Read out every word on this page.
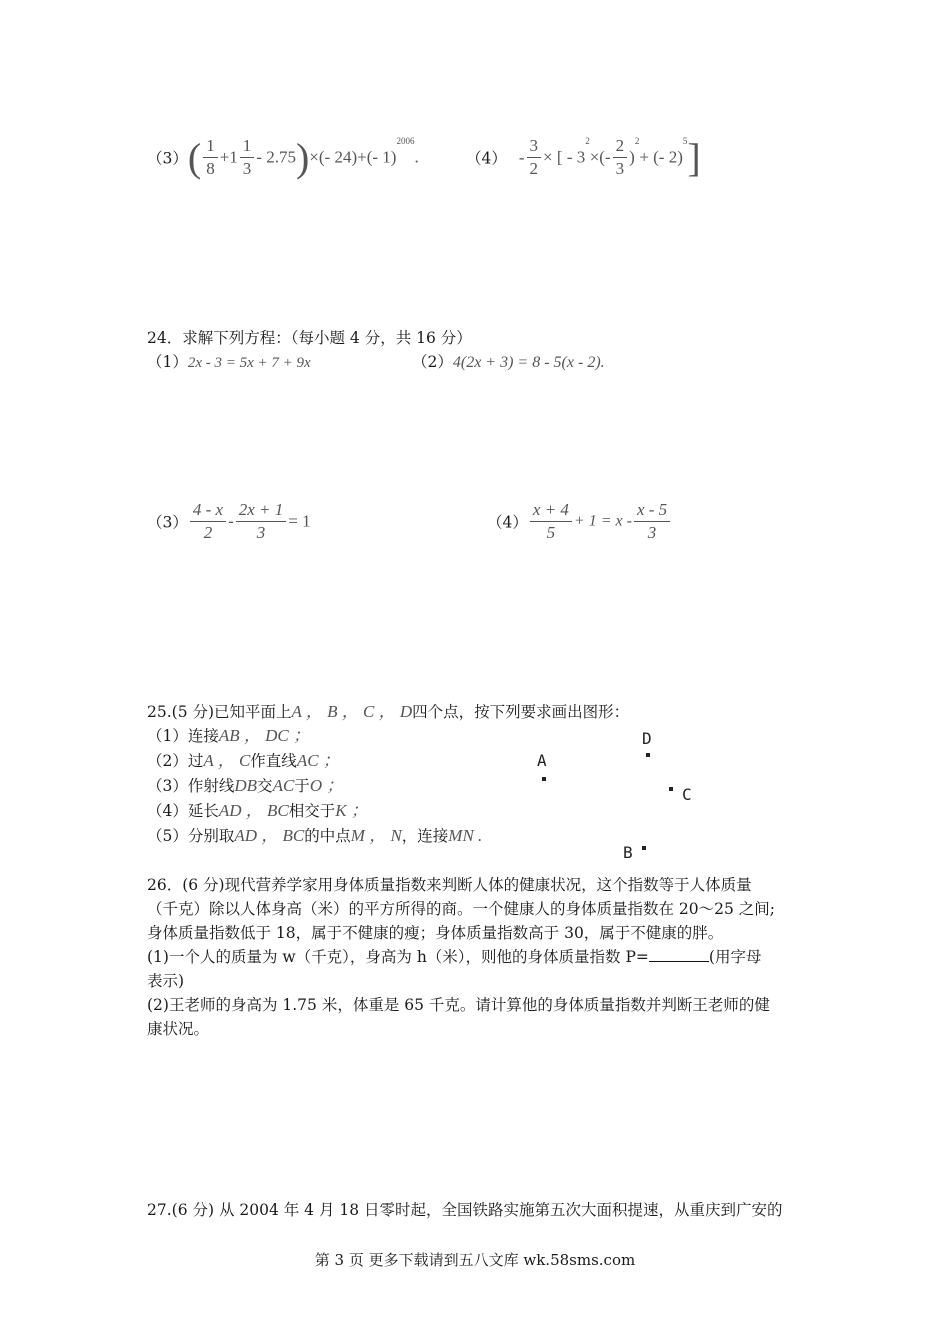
$(3)( \frac{1}{8} +1 \frac{1}{3} - 2.75)\times(-$ 24)+(- 1)$^{2006}$.	$(4) - \frac{3}{2}$ × [ - $3^2\times(- \frac{2}{3} )^2+$ (- 2)$^5$]
24．求解下列方程：（每小题 4 分，共 16 分）
（1）2x - 3 = 5x + 7 + 9x	（2）4(2x + 3) = 8 - 5(x - 2).
$(3) \frac{4 - x}{2} - \frac{2x + 1}{3} = 1$	$(4) \frac{x + 4}{5} + 1 = x - \frac{x - 5}{3}$
25.(5 分)已知平面上A ， B ， C ， D四个点，按下列要求画出图形：
（1）连接AB ， DC ；
（2）过A ， C作直线AC ；
（3）作射线DB交AC于O ；
（4）延长AD ， BC相交于K ；
（5）分别取AD ， BC的中点M ， N，连接MN .
D
A
C
B
26．(6 分)现代营养学家用身体质量指数来判断人体的健康状况，这个指数等于人体质量
（千克）除以人体身高（米）的平方所得的商。一个健康人的身体质量指数在 20～25 之间;
身体质量指数低于 18，属于不健康的瘦；身体质量指数高于 30，属于不健康的胖。
(1)一个人的质量为 w（千克），身高为 h（米），则他的身体质量指数 P=	(用字母
表示)
(2)王老师的身高为 1.75 米，体重是 65 千克。请计算他的身体质量指数并判断王老师的健
康状况。
27.(6 分) 从 2004 年 4 月 18 日零时起，全国铁路实施第五次大面积提速，从重庆到广安的
第 3 页 更多下载请到五八文库 wk.58sms.com
